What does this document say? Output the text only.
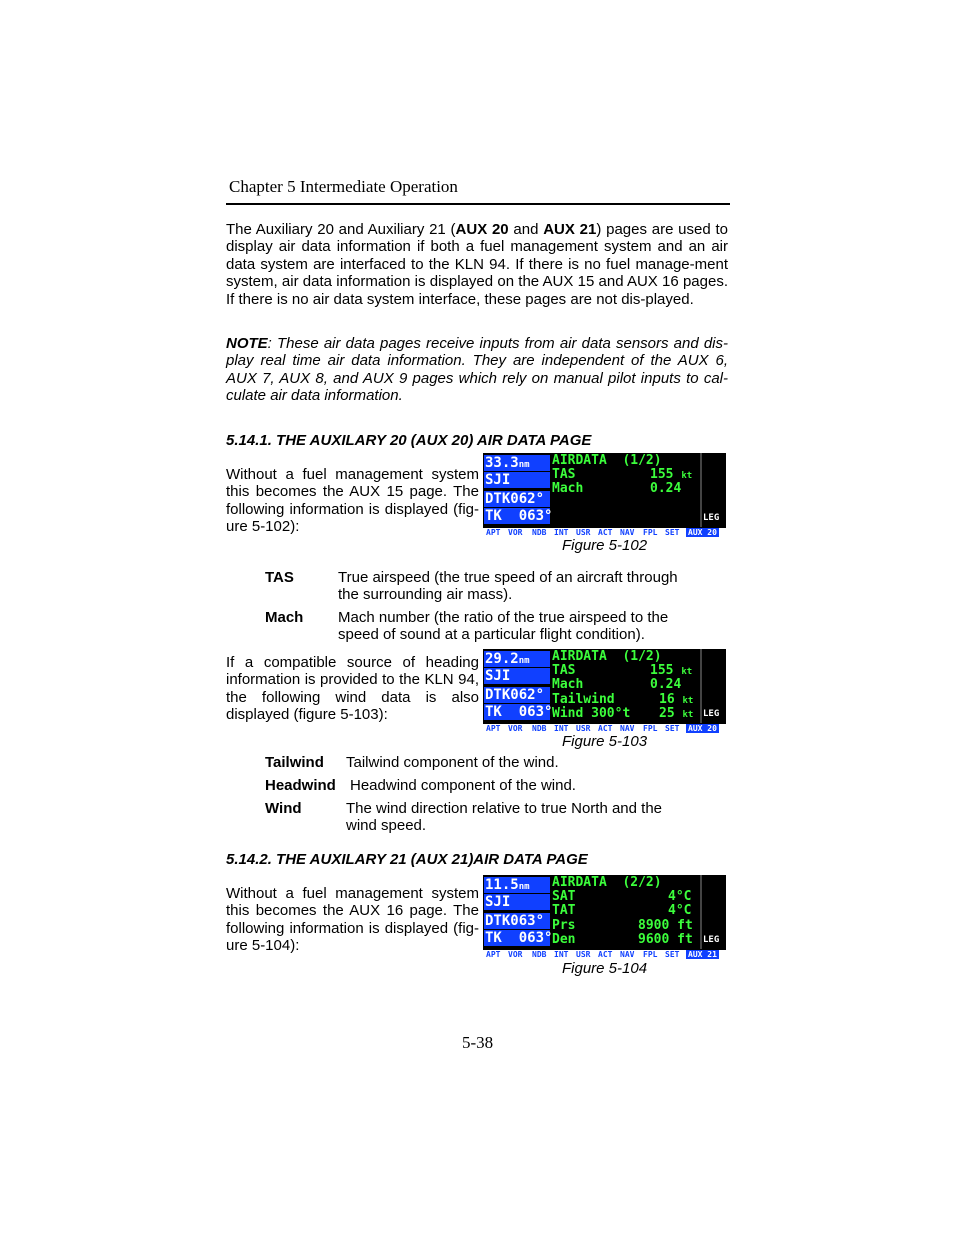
Chapter 5 Intermediate Operation
The Auxiliary 20 and Auxiliary 21 (AUX 20 and AUX 21) pages are used to display air data information if both a fuel management system and an air data system are interfaced to the KLN 94. If there is no fuel manage-ment system, air data information is displayed on the AUX 15 and AUX 16 pages. If there is no air data system interface, these pages are not dis-played.
NOTE: These air data pages receive inputs from air data sensors and dis-play real time air data information. They are independent of the AUX 6, AUX 7, AUX 8, and AUX 9 pages which rely on manual pilot inputs to cal-culate air data information.
5.14.1. THE AUXILARY 20 (AUX 20) AIR DATA PAGE
Without a fuel management system this becomes the AUX 15 page. The following information is displayed (fig-ure 5-102):
33.3nm
SJI
DTK062°
TK  063°
AIRDATA  (1/2)
TAS	155 kt
Mach	0.24
LEG
APT VOR NDB INT USR ACT NAV FPL SET AUX 20
Figure 5-102
TAS	True airspeed (the true speed of an aircraft through the surrounding air mass).
Mach Mach number (the ratio of the true airspeed to the speed of sound at a particular flight condition).
If a compatible source of heading information is provided to the KLN 94, the following wind data is also displayed (figure 5-103):
29.2nm
SJI
DTK062°
TK  063°
AIRDATA  (1/2)
TAS	155 kt
Mach	0.24
Tailwind	16 kt
Wind 300°t 25 kt LEG
APT VOR NDB INT USR ACT NAV FPL SET AUX 20
Figure 5-103
Tailwind Tailwind component of the wind.
Headwind Headwind component of the wind.
Wind	The wind direction relative to true North and the wind speed.
5.14.2. THE AUXILARY 21 (AUX 21)AIR DATA PAGE
Without a fuel management system this becomes the AUX 16 page. The following information is displayed (fig-ure 5-104):
11.5nm
SJI
DTK063°
TK  063°
AIRDATA  (2/2)
SAT	4°C
TAT	4°C
Prs	8900 ft
Den	9600 ft LEG
APT VOR NDB INT USR ACT NAV FPL SET AUX 21
Figure 5-104
5-38
